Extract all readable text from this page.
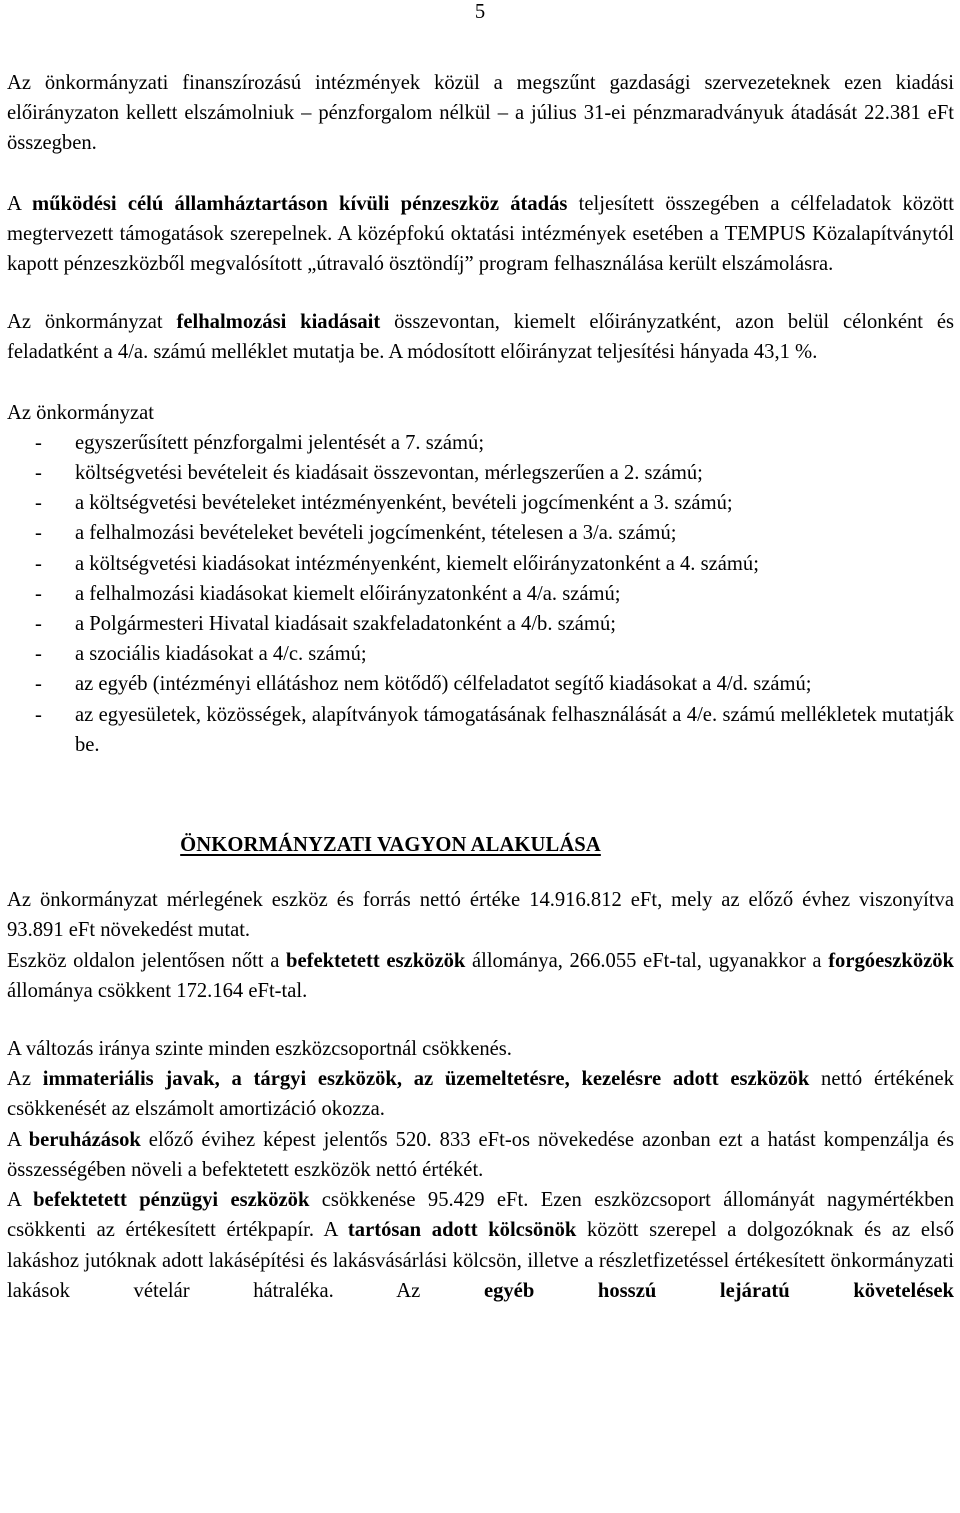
5

Az önkormányzati finanszírozású intézmények közül a megszűnt gazdasági szervezeteknek ezen kiadási előirányzaton kellett elszámolniuk – pénzforgalom nélkül – a július 31-ei pénzmaradványuk átadását 22.381 eFt összegben.

A működési célú államháztartáson kívüli pénzeszköz átadás teljesített összegében a célfeladatok között megtervezett támogatások szerepelnek. A középfokú oktatási intézmények esetében a TEMPUS Közalapítványtól kapott pénzeszközből megvalósított „útravaló ösztöndíj” program felhasználása került elszámolásra.

Az önkormányzat felhalmozási kiadásait összevontan, kiemelt előirányzatként, azon belül célonként és feladatként a 4/a. számú melléklet mutatja be. A módosított előirányzat teljesítési hányada 43,1 %.

Az önkormányzat

- egyszerűsített pénzforgalmi jelentését a 7. számú;
- költségvetési bevételeit és kiadásait összevontan, mérlegszerűen a 2. számú;
- a költségvetési bevételeket intézményenként, bevételi jogcímenként a 3. számú;
- a felhalmozási bevételeket bevételi jogcímenként, tételesen a 3/a. számú;
- a költségvetési kiadásokat intézményenként, kiemelt előirányzatonként a 4. számú;
- a felhalmozási kiadásokat kiemelt előirányzatonként a 4/a. számú;
- a Polgármesteri Hivatal kiadásait szakfeladatonként a 4/b. számú;
- a szociális kiadásokat a 4/c. számú;
- az egyéb (intézményi ellátáshoz nem kötődő) célfeladatot segítő kiadásokat a 4/d. számú;
- az egyesületek, közösségek, alapítványok támogatásának felhasználását a 4/e. számú mellékletek mutatják be.
ÖNKORMÁNYZATI VAGYON ALAKULÁSA

Az önkormányzat mérlegének eszköz és forrás nettó értéke 14.916.812 eFt, mely az előző évhez viszonyítva 93.891 eFt növekedést mutat.

Eszköz oldalon jelentősen nőtt a befektetett eszközök állománya, 266.055 eFt-tal, ugyanakkor a forgóeszközök állománya csökkent 172.164 eFt-tal.

A változás iránya szinte minden eszközcsoportnál csökkenés.

Az immateriális javak, a tárgyi eszközök, az üzemeltetésre, kezelésre adott eszközök nettó értékének csökkenését az elszámolt amortizáció okozza.

A beruházások előző évihez képest jelentős 520. 833 eFt-os növekedése azonban ezt a hatást kompenzálja és összességében növeli a befektetett eszközök nettó értékét.

A befektetett pénzügyi eszközök csökkenése 95.429 eFt. Ezen eszközcsoport állományát nagymértékben csökkenti az értékesített értékpapír. A tartósan adott kölcsönök között szerepel a dolgozóknak és az első lakáshoz jutóknak adott lakásépítési és lakásvásárlási kölcsön, illetve a részletfizetéssel értékesített önkormányzati lakások vételár hátraléka. Az egyéb hosszú lejáratú követelések
